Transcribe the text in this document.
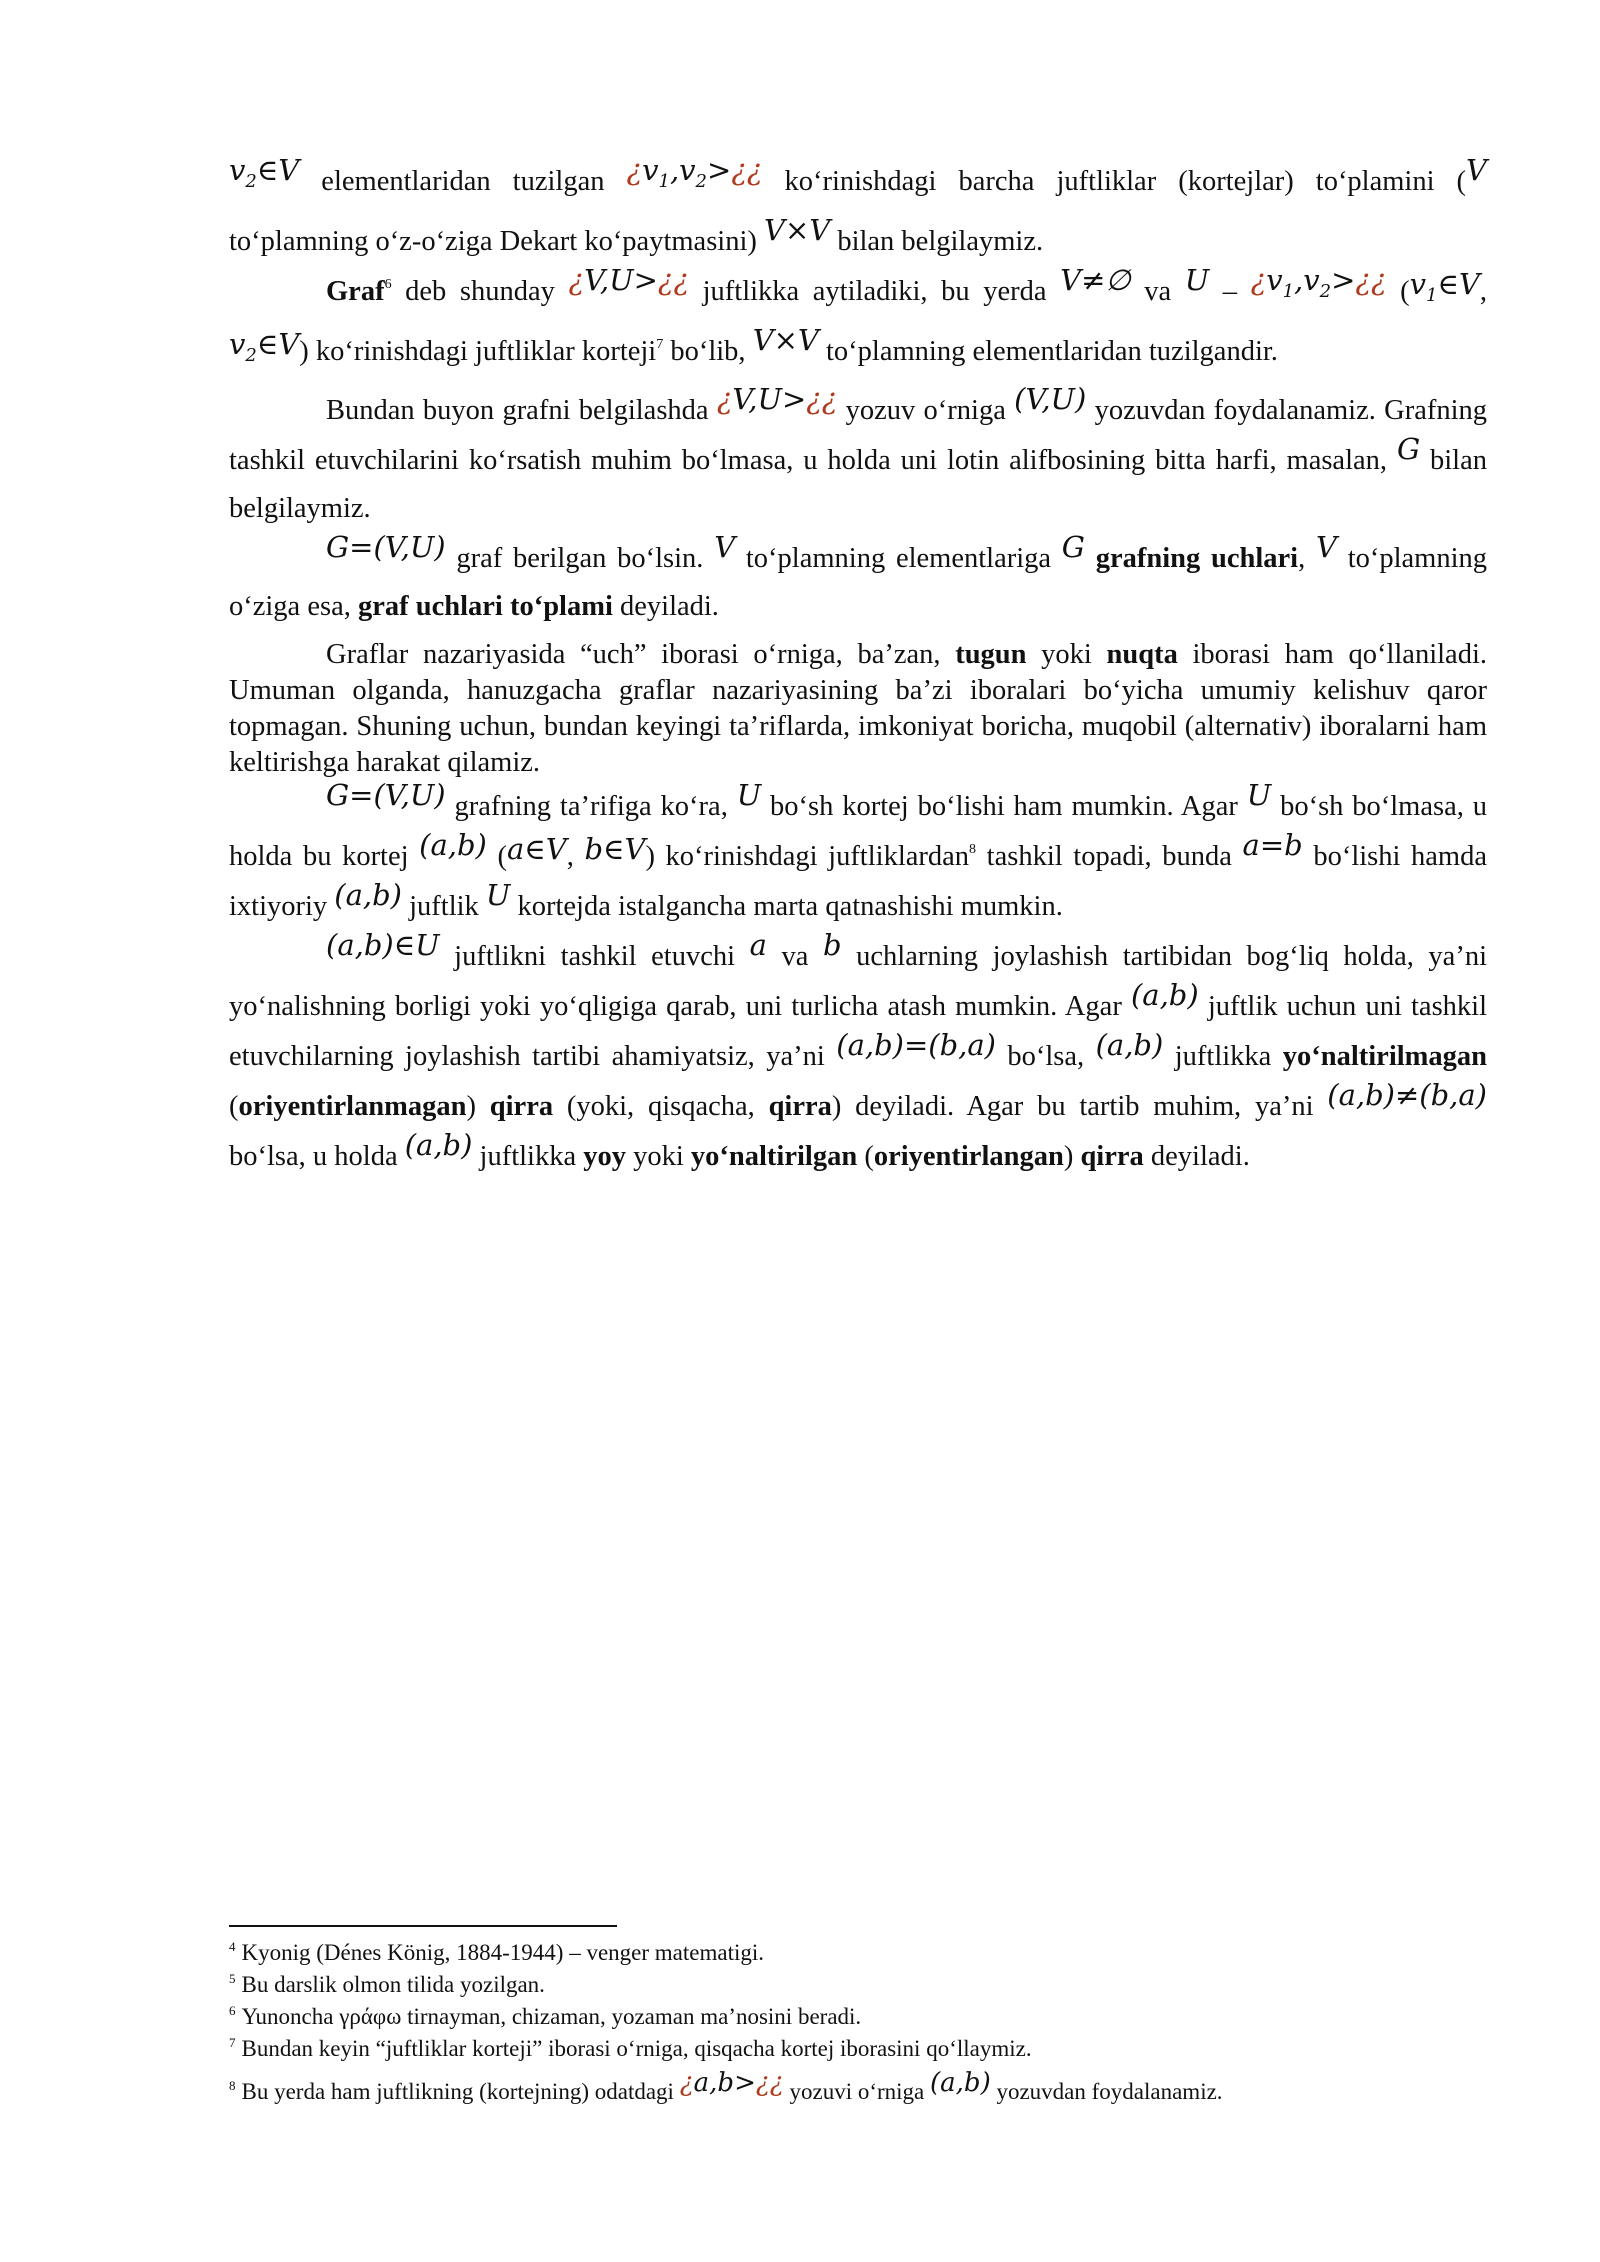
$v_2\in V$ elementlaridan tuzilgan ¿$v_1,v_2>¿¿$ ko‘rinishdagi barcha juftliklar (kortejlar) to‘plamini (V to‘plamning o‘z-o‘ziga Dekart ko‘paytmasini) V×V bilan belgilaymiz.

Graf$^6$ deb shunday ¿V,U>¿¿ juftlikka aytiladiki, bu yerda V≠∅ va $U - ¿v_1,v_2>¿¿$ ($v_1\in V$, $v_2\in V$) ko‘rinishdagi juftliklar korteji$^7$ bo‘lib, V×V to‘plamning elementlaridan tuzilgandir.

Bundan buyon grafni belgilashda ¿V,U>¿¿ yozuv o‘rniga (V,U) yozuvdan foydalanamiz. Grafning tashkil etuvchilarini ko‘rsatish muhim bo‘lmasa, u holda uni lotin alifbosining bitta harfi, masalan, G bilan belgilaymiz.

G=(V,U) graf berilgan bo‘lsin. V to‘plamning elementlariga G grafning uchlari, V to‘plamning o‘ziga esa, graf uchlari to‘plami deyiladi.

Graflar nazariyasida “uch” iborasi o‘rniga, ba’zan, tugun yoki nuqta iborasi ham qo‘llaniladi. Umuman olganda, hanuzgacha graflar nazariyasining ba’zi iboralari bo‘yicha umumiy kelishuv qaror topmagan. Shuning uchun, bundan keyingi ta’riflarda, imkoniyat boricha, muqobil (alternativ) iboralarni ham keltirishga harakat qilamiz.

G=(V,U) grafning ta’rifiga ko‘ra, U bo‘sh kortej bo‘lishi ham mumkin. Agar U bo‘sh bo‘lmasa, u holda bu kortej (a,b) (a∈V, b∈V) ko‘rinishdagi juftliklardan$^8$ tashkil topadi, bunda a=b bo‘lishi hamda ixtiyoriy (a,b) juftlik U kortejda istalgancha marta qatnashishi mumkin.

(a,b)∈U juftlikni tashkil etuvchi a va b uchlarning joylashish tartibidan bog‘liq holda, ya’ni yo‘nalishning borligi yoki yo‘qligiga qarab, uni turlicha atash mumkin. Agar (a,b) juftlik uchun uni tashkil etuvchilarning joylashish tartibi ahamiyatsiz, ya’ni (a,b)=(b,a) bo‘lsa, (a,b) juftlikka yo‘naltirilmagan (oriyentirlanmagan) qirra (yoki, qisqacha, qirra) deyiladi. Agar bu tartib muhim, ya’ni (a,b)≠(b,a) bo‘lsa, u holda (a,b) juftlikka yoy yoki yo‘naltirilgan (oriyentirlangan) qirra deyiladi.

$^4$ Kyonig (Dénes König, 1884-1944) – venger matematigi.

$^5$ Bu darslik olmon tilida yozilgan.

$^6$ Yunoncha γράφω tirnayman, chizaman, yozaman ma’nosini beradi.

$^7$ Bundan keyin “juftliklar korteji” iborasi o‘rniga, qisqacha kortej iborasini qo‘llaymiz.

$^8$ Bu yerda ham juftlikning (kortejning) odatdagi ¿a,b>¿¿ yozuvi o‘rniga (a,b) yozuvdan foydalanamiz.
